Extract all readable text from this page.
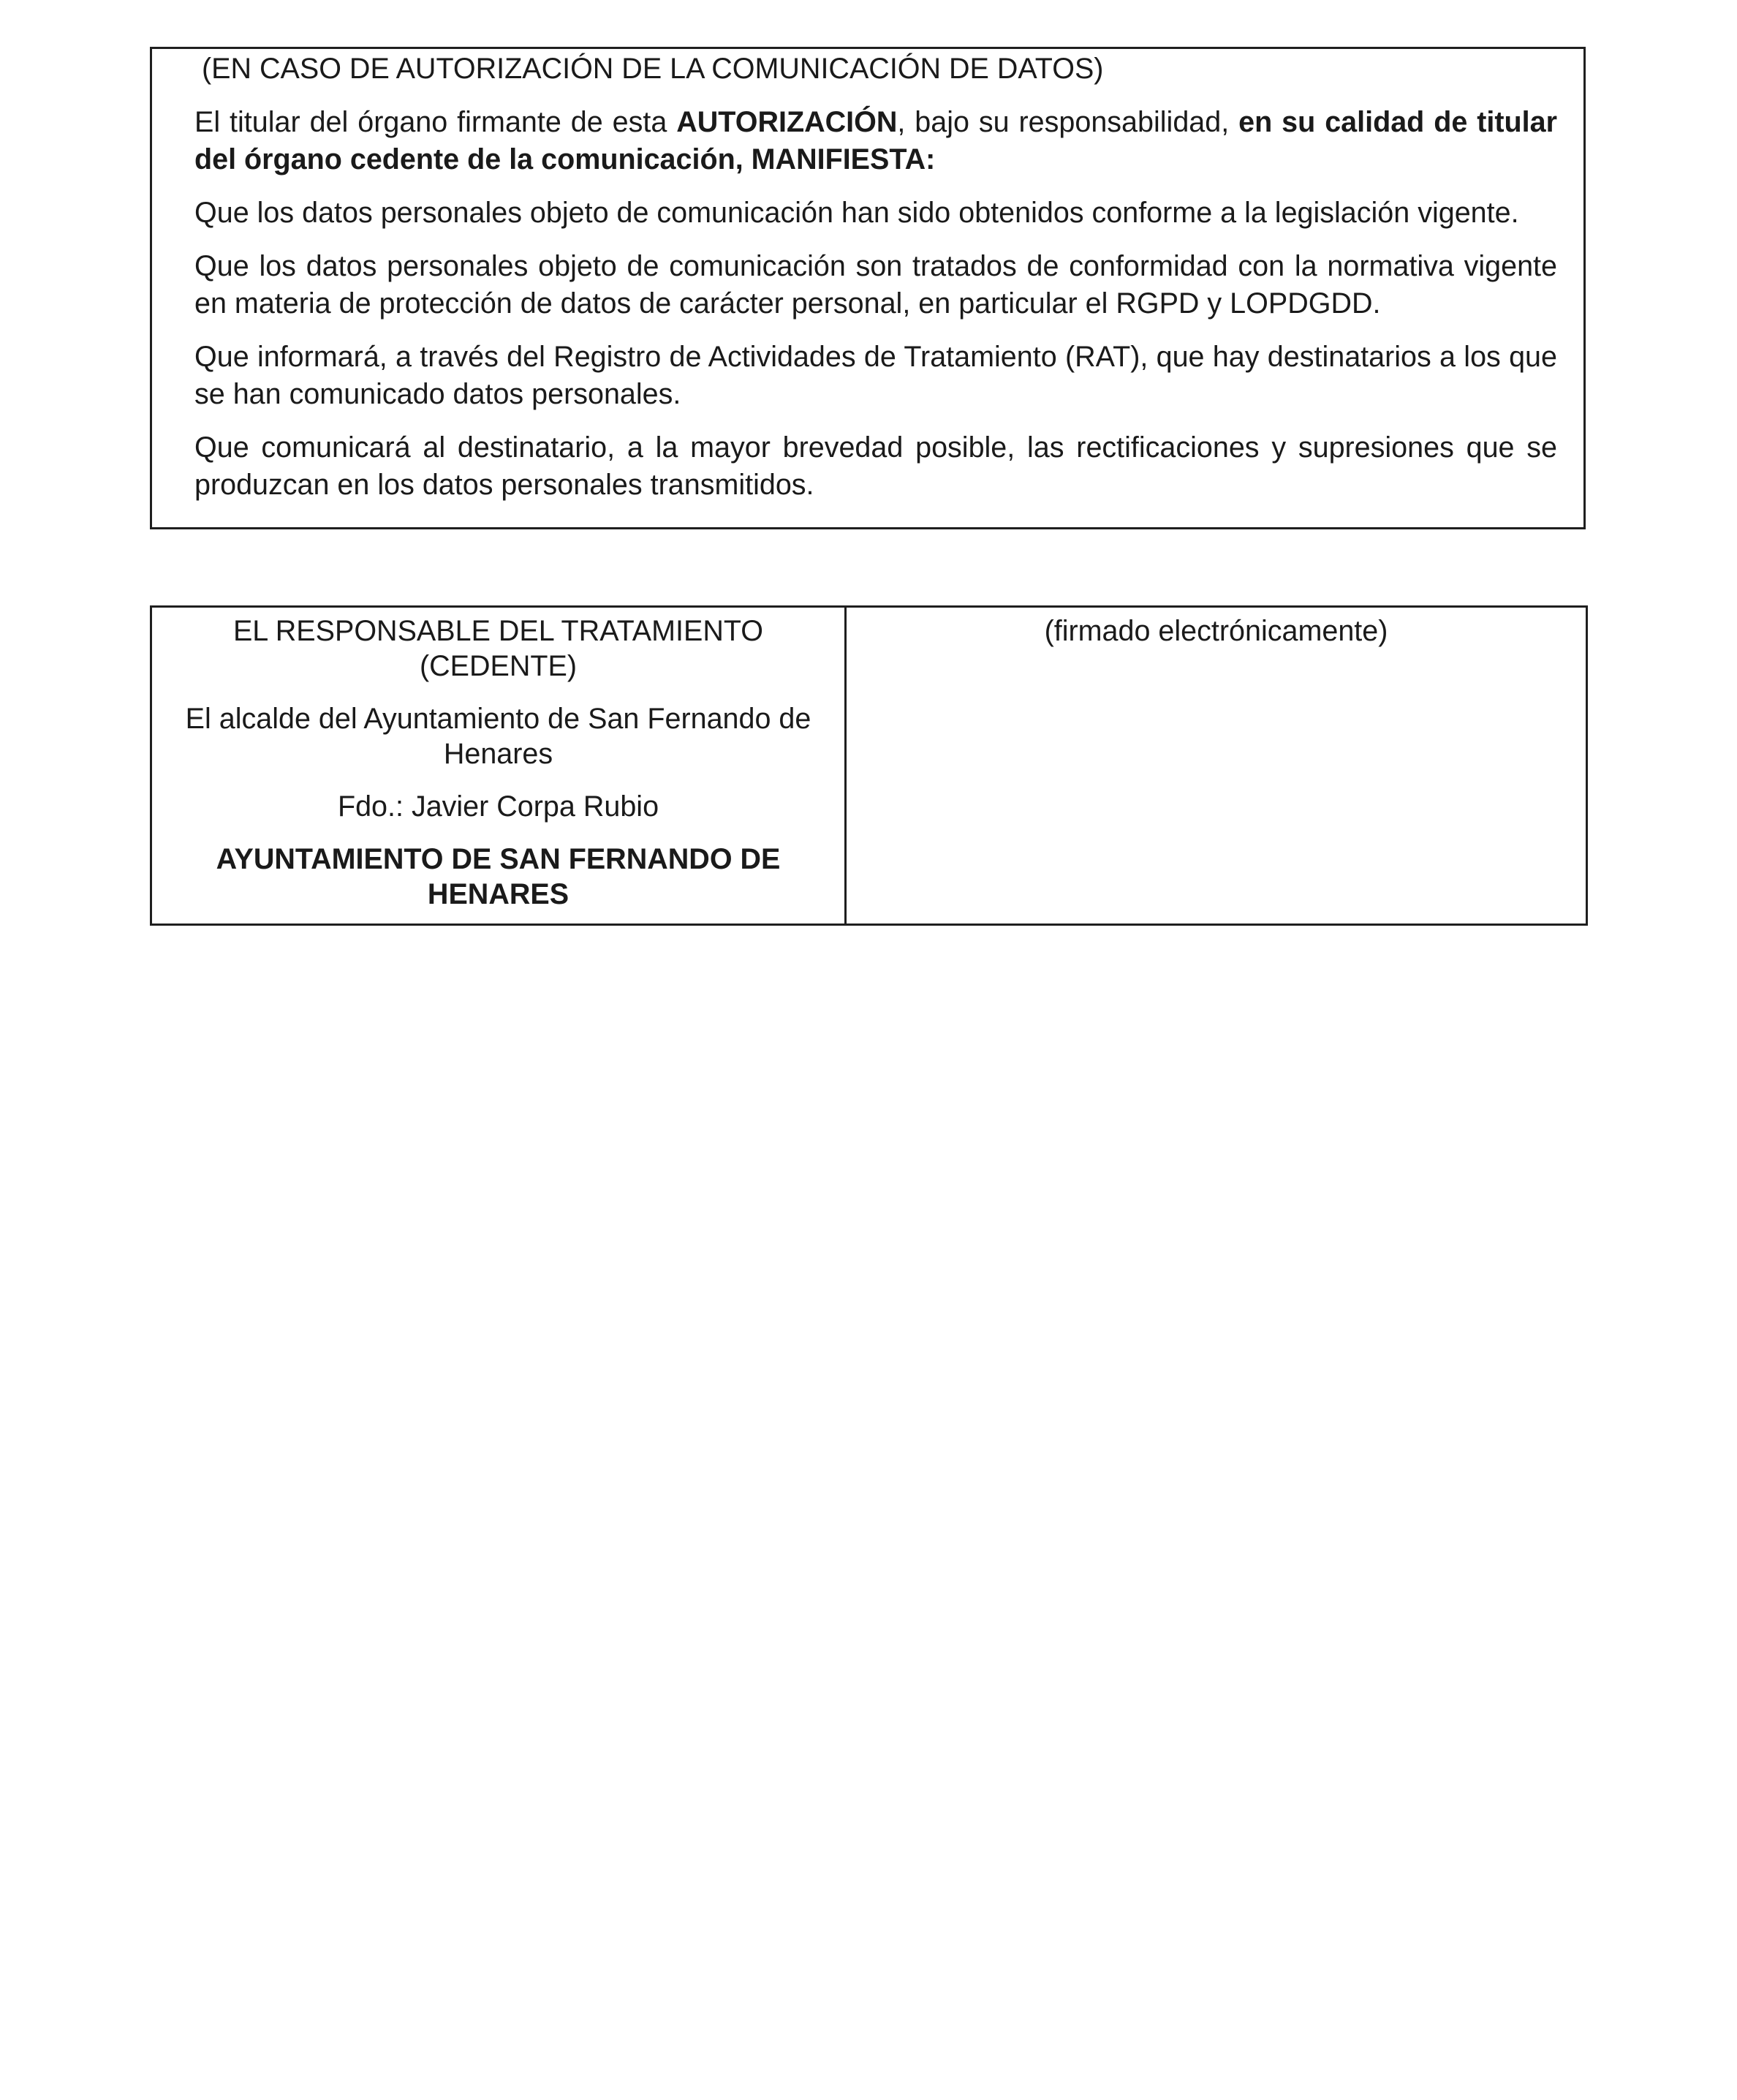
(EN CASO DE AUTORIZACIÓN DE LA COMUNICACIÓN DE DATOS)

El titular del órgano firmante de esta AUTORIZACIÓN, bajo su responsabilidad, en su calidad de titular del órgano cedente de la comunicación, MANIFIESTA:

Que los datos personales objeto de comunicación han sido obtenidos conforme a la legislación vigente.

Que los datos personales objeto de comunicación son tratados de conformidad con la normativa vigente en materia de protección de datos de carácter personal, en particular el RGPD y LOPDGDD.

Que informará, a través del Registro de Actividades de Tratamiento (RAT), que hay destinatarios a los que se han comunicado datos personales.

Que comunicará al destinatario, a la mayor brevedad posible, las rectificaciones y supresiones que se produzcan en los datos personales transmitidos.

EL RESPONSABLE DEL TRATAMIENTO (CEDENTE)

El alcalde del Ayuntamiento de San Fernando de Henares

Fdo.: Javier Corpa Rubio

AYUNTAMIENTO DE SAN FERNANDO DE HENARES

(firmado electrónicamente)
